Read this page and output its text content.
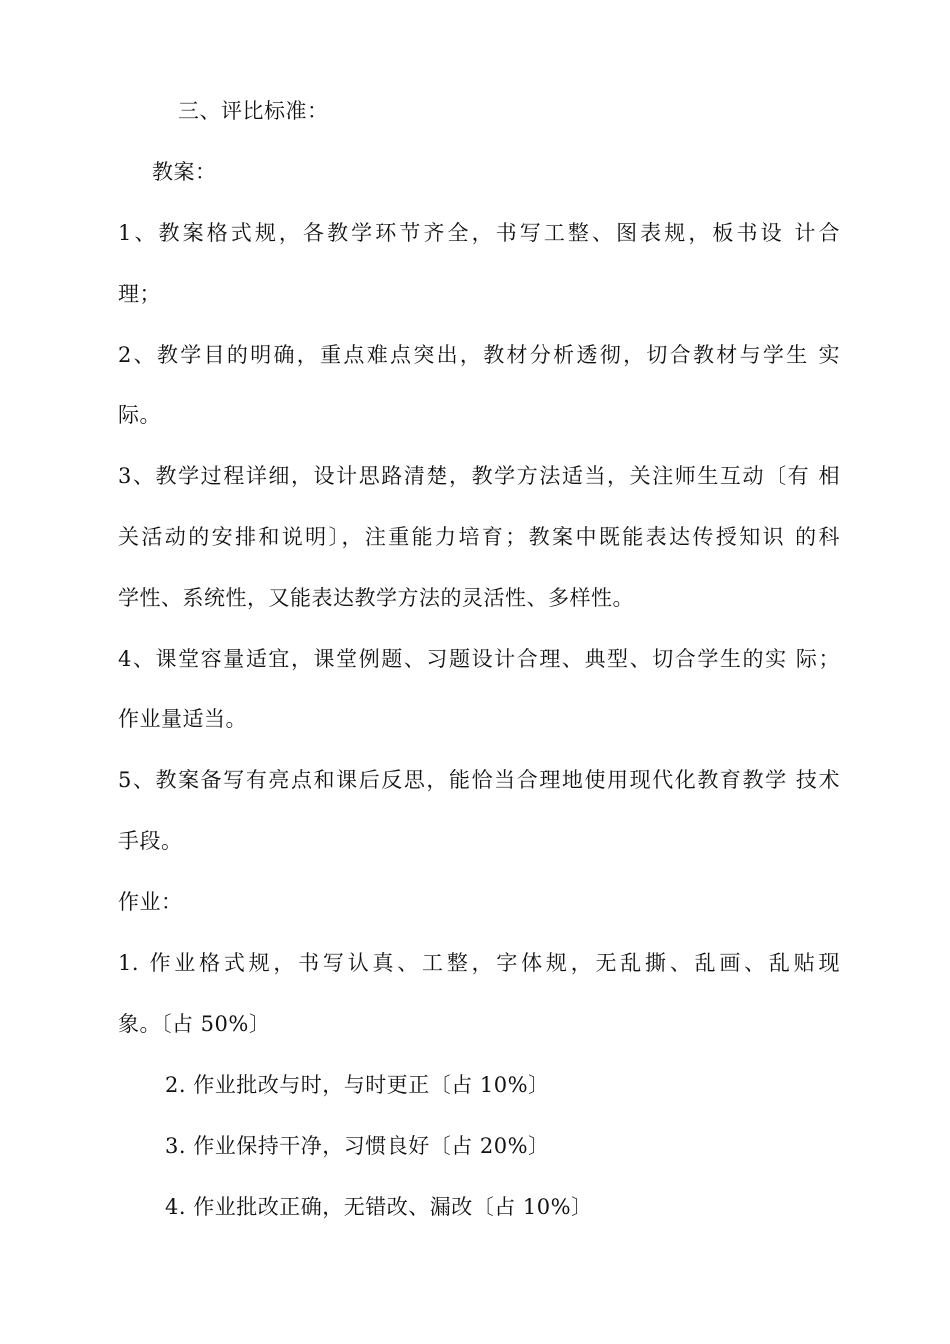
三、评比标准：
教案：
1、教案格式规，各教学环节齐全，书写工整、图表规，板书设 计合
理；
2、教学目的明确，重点难点突出，教材分析透彻，切合教材与学生 实
际。
3、教学过程详细，设计思路清楚，教学方法适当，关注师生互动〔有 相
关活动的安排和说明〕，注重能力培育；教案中既能表达传授知识 的科
学性、系统性，又能表达教学方法的灵活性、多样性。
4、课堂容量适宜，课堂例题、习题设计合理、典型、切合学生的实 际；
作业量适当。
5、教案备写有亮点和课后反思，能恰当合理地使用现代化教育教学 技术
手段。
作业：
1. 作业格式规，书写认真、工整，字体规，无乱撕、乱画、乱贴现
象。〔占 50%〕
2. 作业批改与时，与时更正〔占 10%〕
3. 作业保持干净，习惯良好〔占 20%〕
4. 作业批改正确，无错改、漏改〔占 10%〕
